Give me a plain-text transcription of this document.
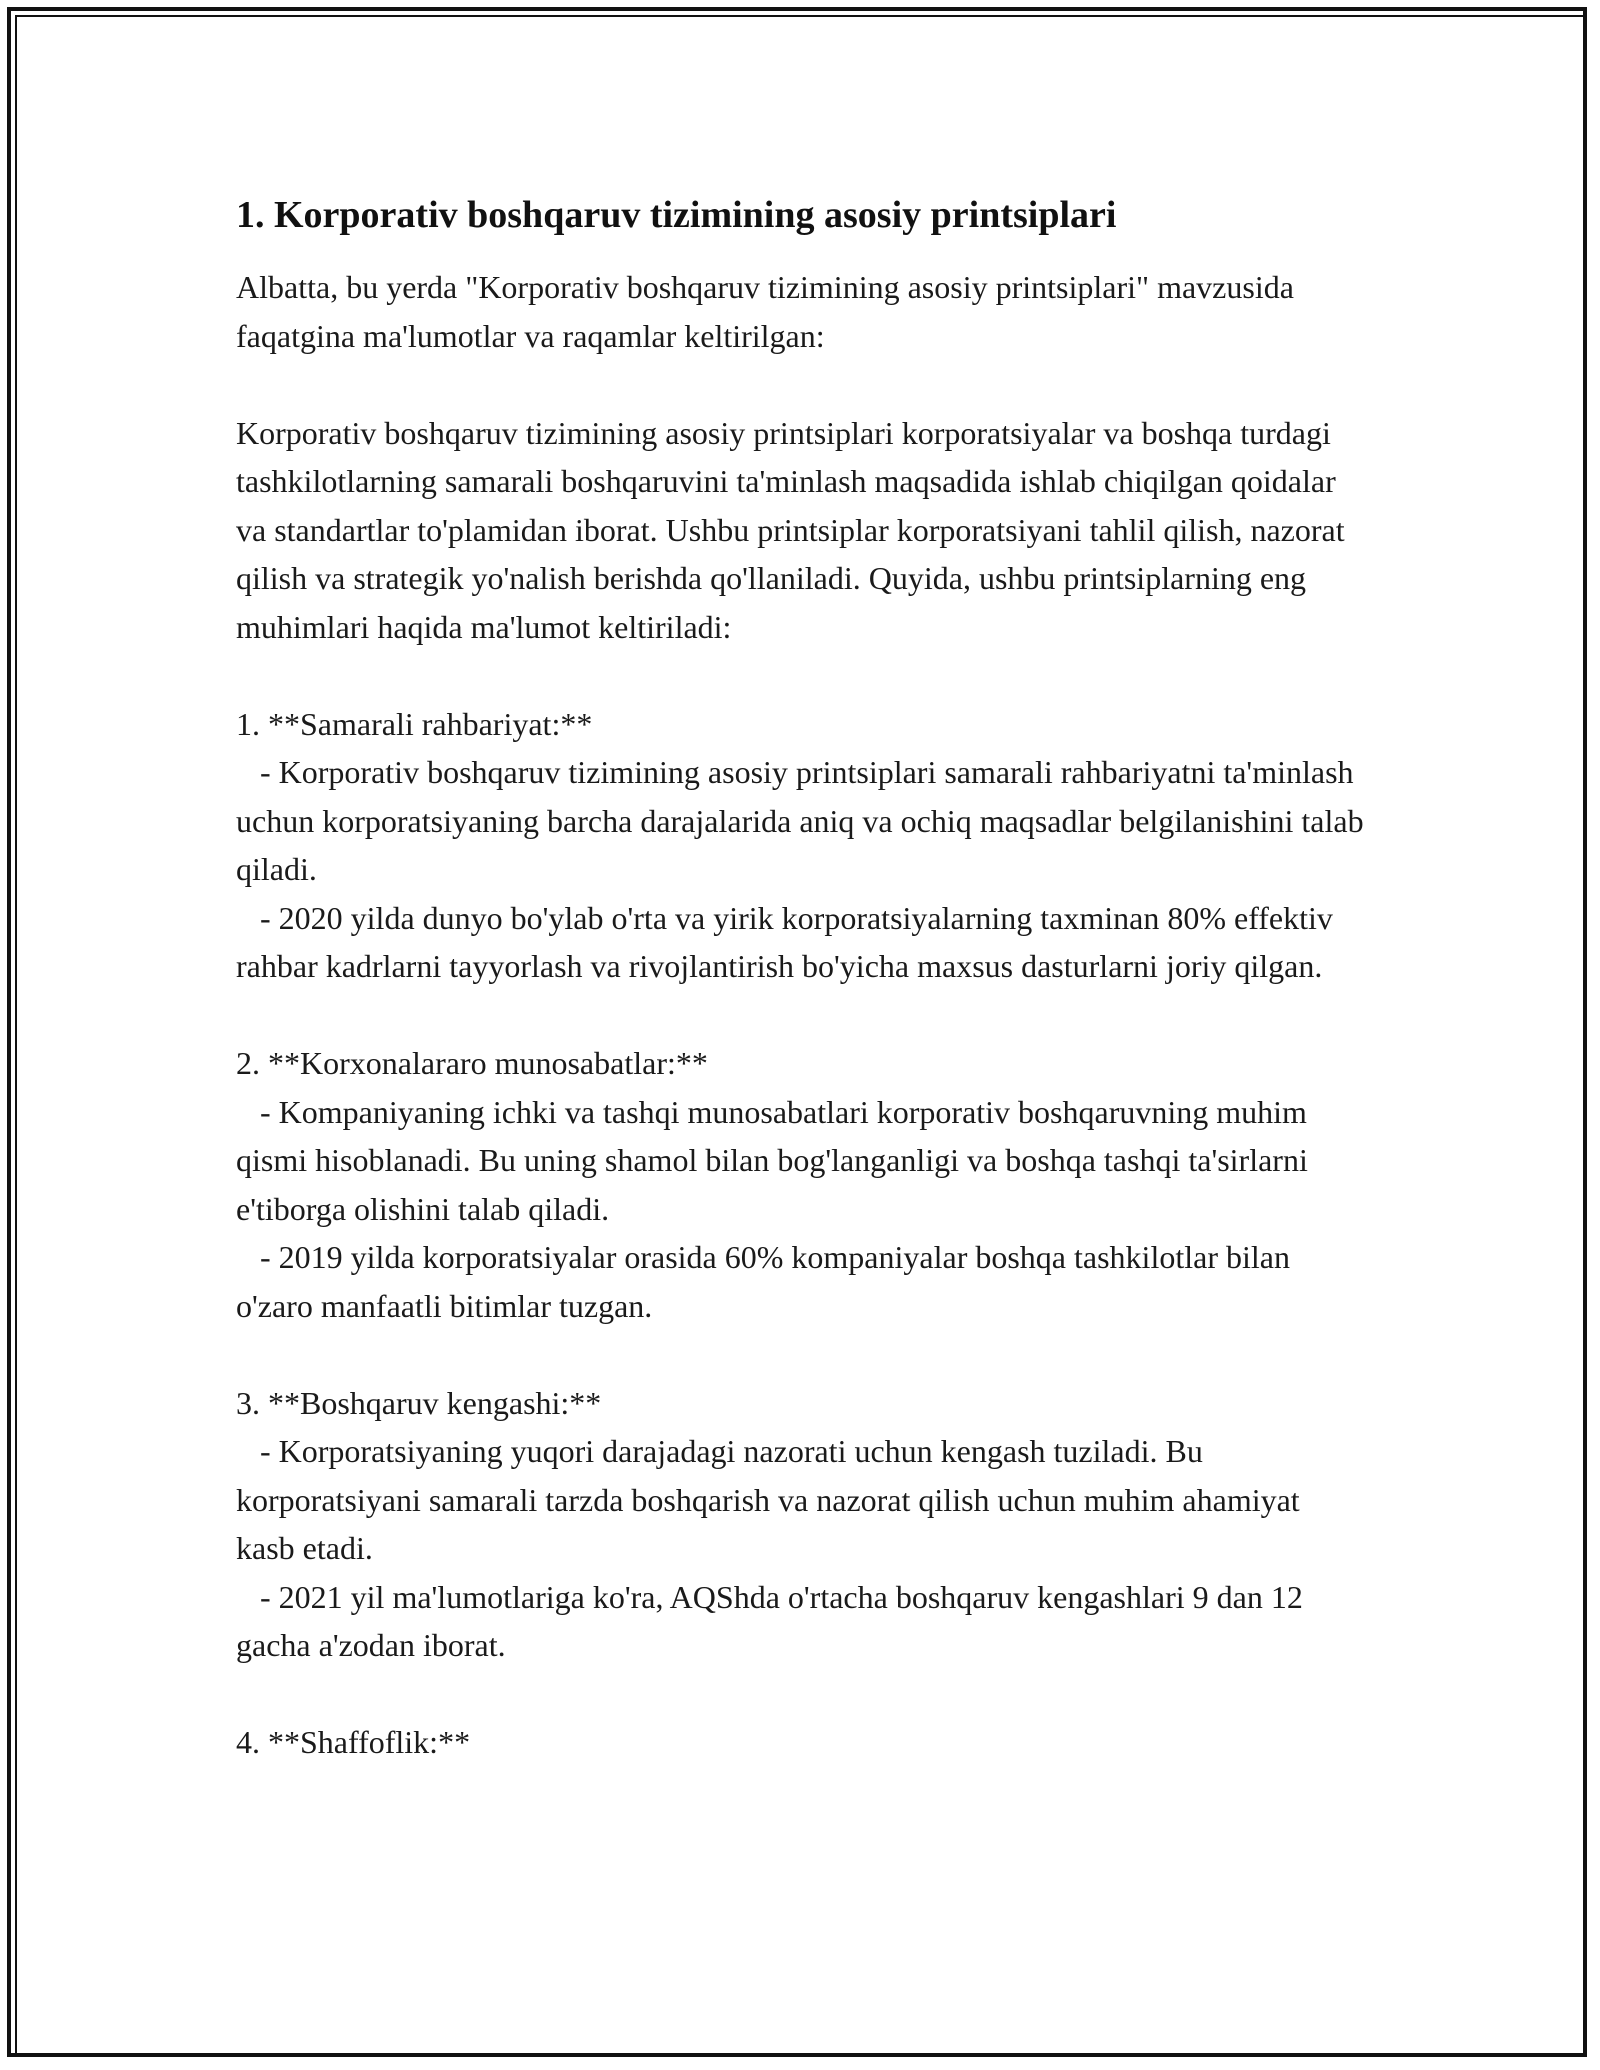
1. Korporativ boshqaruv tizimining asosiy printsiplari

Albatta, bu yerda "Korporativ boshqaruv tizimining asosiy printsiplari" mavzusida faqatgina ma'lumotlar va raqamlar keltirilgan:

Korporativ boshqaruv tizimining asosiy printsiplari korporatsiyalar va boshqa turdagi tashkilotlarning samarali boshqaruvini ta'minlash maqsadida ishlab chiqilgan qoidalar va standartlar to'plamidan iborat. Ushbu printsiplar korporatsiyani tahlil qilish, nazorat qilish va strategik yo'nalish berishda qo'llaniladi. Quyida, ushbu printsiplarning eng muhimlari haqida ma'lumot keltiriladi:

1. **Samarali rahbariyat:**

- Korporativ boshqaruv tizimining asosiy printsiplari samarali rahbariyatni ta'minlash uchun korporatsiyaning barcha darajalarida aniq va ochiq maqsadlar belgilanishini talab qiladi.

- 2020 yilda dunyo bo'ylab o'rta va yirik korporatsiyalarning taxminan 80% effektiv rahbar kadrlarni tayyorlash va rivojlantirish bo'yicha maxsus dasturlarni joriy qilgan.

2. **Korxonalararo munosabatlar:**

- Kompaniyaning ichki va tashqi munosabatlari korporativ boshqaruvning muhim qismi hisoblanadi. Bu uning shamol bilan bog'langanligi va boshqa tashqi ta'sirlarni e'tiborga olishini talab qiladi.

- 2019 yilda korporatsiyalar orasida 60% kompaniyalar boshqa tashkilotlar bilan o'zaro manfaatli bitimlar tuzgan.

3. **Boshqaruv kengashi:**

- Korporatsiyaning yuqori darajadagi nazorati uchun kengash tuziladi. Bu korporatsiyani samarali tarzda boshqarish va nazorat qilish uchun muhim ahamiyat kasb etadi.

- 2021 yil ma'lumotlariga ko'ra, AQShda o'rtacha boshqaruv kengashlari 9 dan 12 gacha a'zodan iborat.

4. **Shaffoflik:**
